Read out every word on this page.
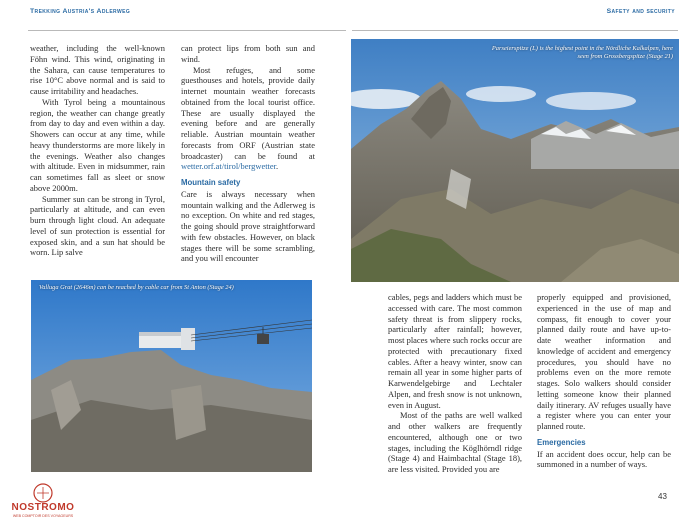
Trekking Austria's Adlerweg	Safety and security

weather, including the well-known Föhn wind. This wind, originating in the Sahara, can cause temperatures to rise 10°C above normal and is said to cause irritability and headaches.

With Tyrol being a mountainous region, the weather can change greatly from day to day and even within a day. Showers can occur at any time, while heavy thunderstorms are more likely in the evenings. Weather also changes with altitude. Even in midsummer, rain can sometimes fall as sleet or snow above 2000m.

Summer sun can be strong in Tyrol, particularly at altitude, and can even burn through light cloud. An adequate level of sun protection is essential for exposed skin, and a sun hat should be worn. Lip salve

can protect lips from both sun and wind.

Most refuges, and some guesthouses and hotels, provide daily internet mountain weather forecasts obtained from the local tourist office. These are usually displayed the evening before and are generally reliable. Austrian mountain weather forecasts from ORF (Austrian state broadcaster) can be found at wetter.orf.at/tirol/bergwetter.

Mountain safety

Care is always necessary when mountain walking and the Adlerweg is no exception. On white and red stages, the going should prove straightforward with few obstacles. However, on black stages there will be some scrambling, and you will encounter

Parseierspitze (L) is the highest point in the Nördliche Kalkalpen, here seen from Grossbergspitze (Stage 21)
Valluga Grat (2646m) can be reached by cable car from St Anton (Stage 24)

cables, pegs and ladders which must be accessed with care. The most common safety threat is from slippery rocks, particularly after rainfall; however, most places where such rocks occur are protected with precautionary fixed cables. After a heavy winter, snow can remain all year in some higher parts of Karwendelgebirge and Lechtaler Alpen, and fresh snow is not unknown, even in August.

Most of the paths are well walked and other walkers are frequently encountered, although one or two stages, including the Köglhörndl ridge (Stage 4) and Haimbachtal (Stage 18), are less visited. Provided you are

properly equipped and provisioned, experienced in the use of map and compass, fit enough to cover your planned daily route and have up-to-date weather information and knowledge of accident and emergency procedures, you should have no problems even on the more remote stages. Solo walkers should consider letting someone know their planned daily itinerary. AV refuges usually have a register where you can enter your planned route.

Emergencies

If an accident does occur, help can be summoned in a number of ways.

NOSTROMO
WEB COMPTOIR DES VOYAGEURS
43
